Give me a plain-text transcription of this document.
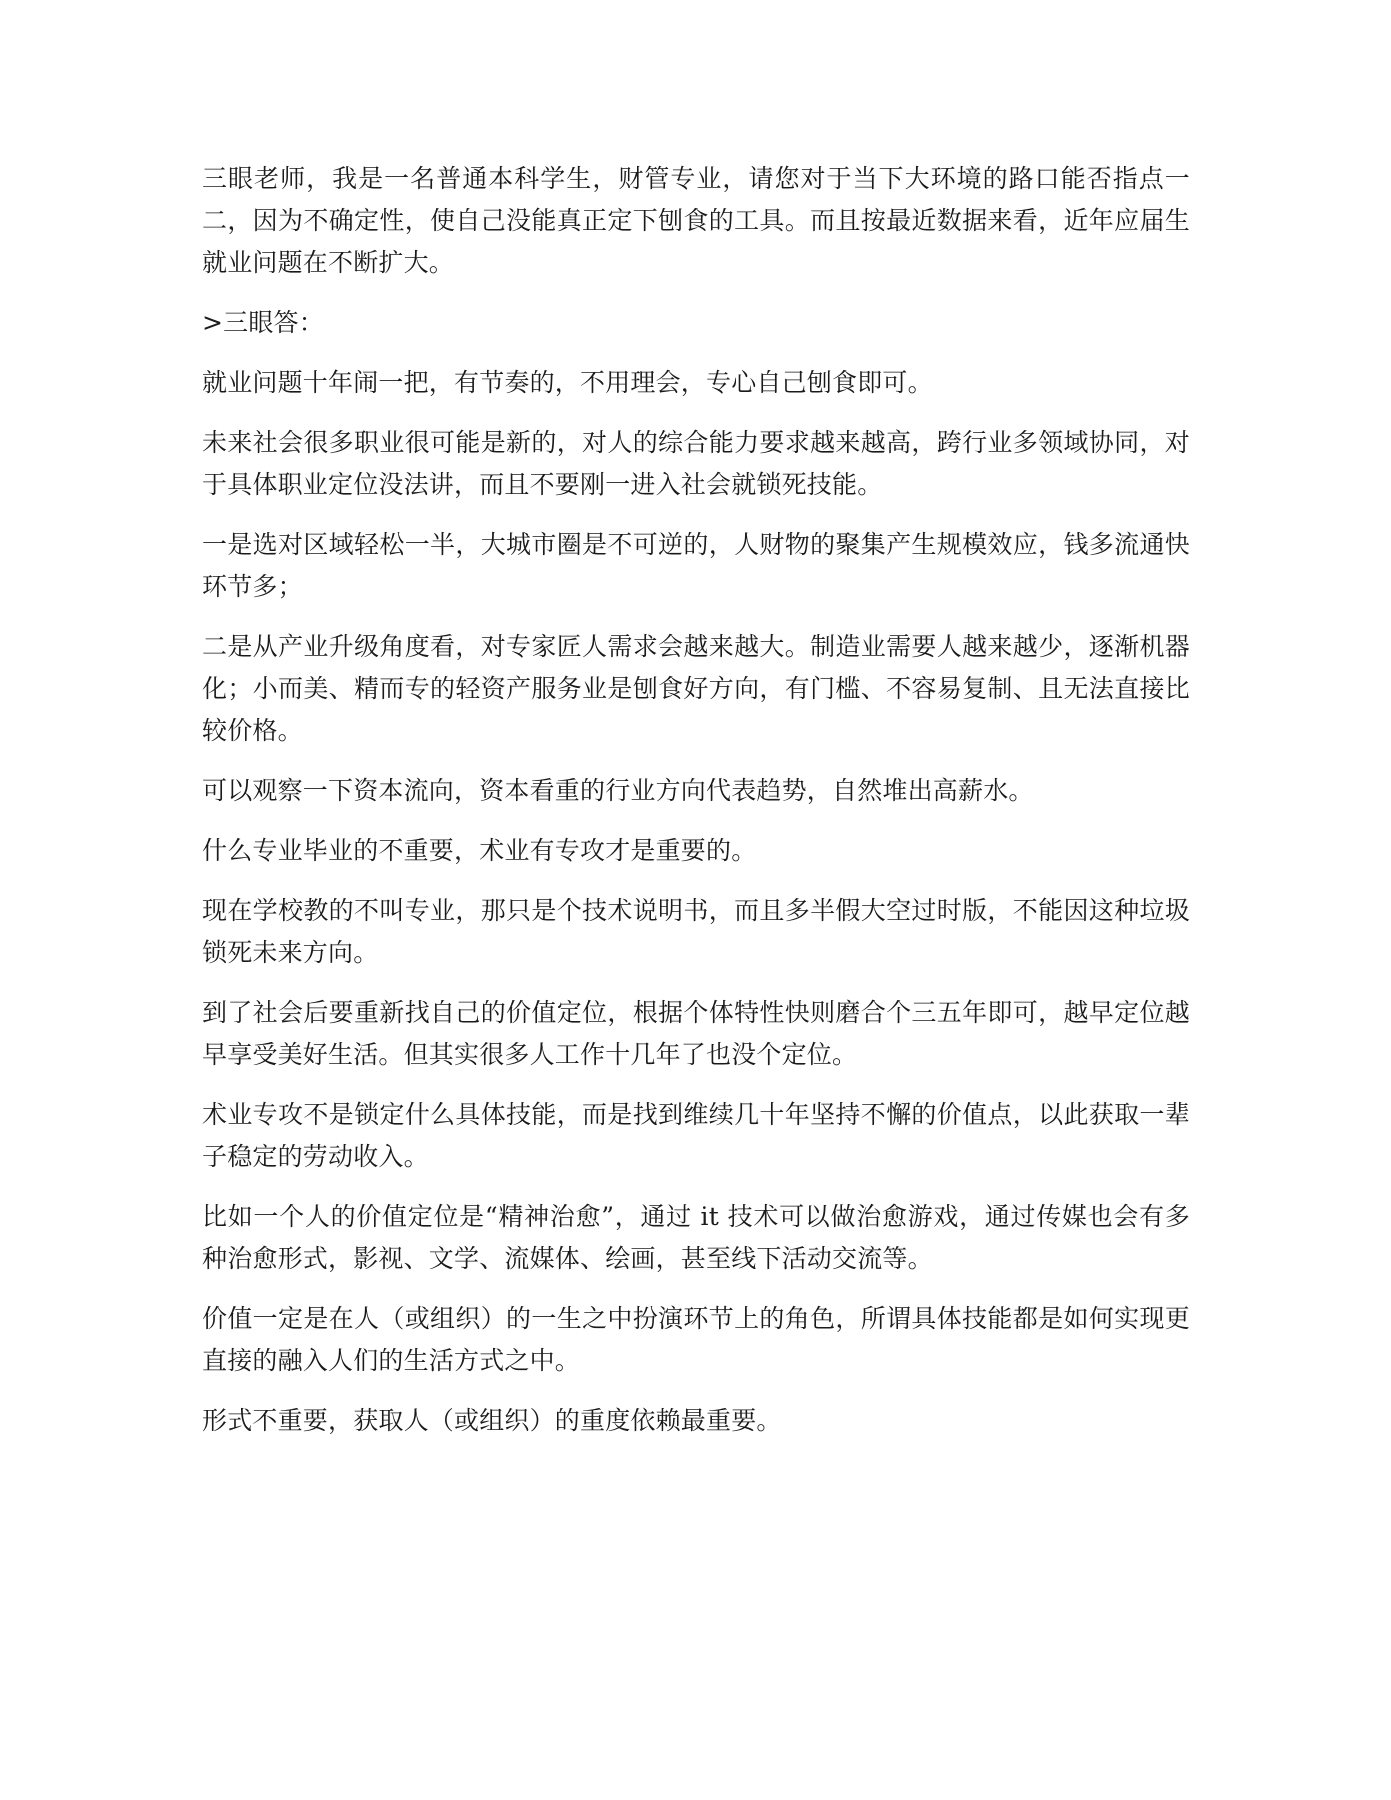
三眼老师，我是一名普通本科学生，财管专业，请您对于当下大环境的路口能否指点一二，因为不确定性，使自己没能真正定下刨食的工具。而且按最近数据来看，近年应届生就业问题在不断扩大。

>三眼答：

就业问题十年闹一把，有节奏的，不用理会，专心自己刨食即可。

未来社会很多职业很可能是新的，对人的综合能力要求越来越高，跨行业多领域协同，对于具体职业定位没法讲，而且不要刚一进入社会就锁死技能。

一是选对区域轻松一半，大城市圈是不可逆的，人财物的聚集产生规模效应，钱多流通快环节多；

二是从产业升级角度看，对专家匠人需求会越来越大。制造业需要人越来越少，逐渐机器化；小而美、精而专的轻资产服务业是刨食好方向，有门槛、不容易复制、且无法直接比较价格。

可以观察一下资本流向，资本看重的行业方向代表趋势，自然堆出高薪水。

什么专业毕业的不重要，术业有专攻才是重要的。

现在学校教的不叫专业，那只是个技术说明书，而且多半假大空过时版，不能因这种垃圾锁死未来方向。

到了社会后要重新找自己的价值定位，根据个体特性快则磨合个三五年即可，越早定位越早享受美好生活。但其实很多人工作十几年了也没个定位。

术业专攻不是锁定什么具体技能，而是找到维续几十年坚持不懈的价值点，以此获取一辈子稳定的劳动收入。

比如一个人的价值定位是“精神治愈”，通过 it 技术可以做治愈游戏，通过传媒也会有多种治愈形式，影视、文学、流媒体、绘画，甚至线下活动交流等。

价值一定是在人（或组织）的一生之中扮演环节上的角色，所谓具体技能都是如何实现更直接的融入人们的生活方式之中。

形式不重要，获取人（或组织）的重度依赖最重要。
